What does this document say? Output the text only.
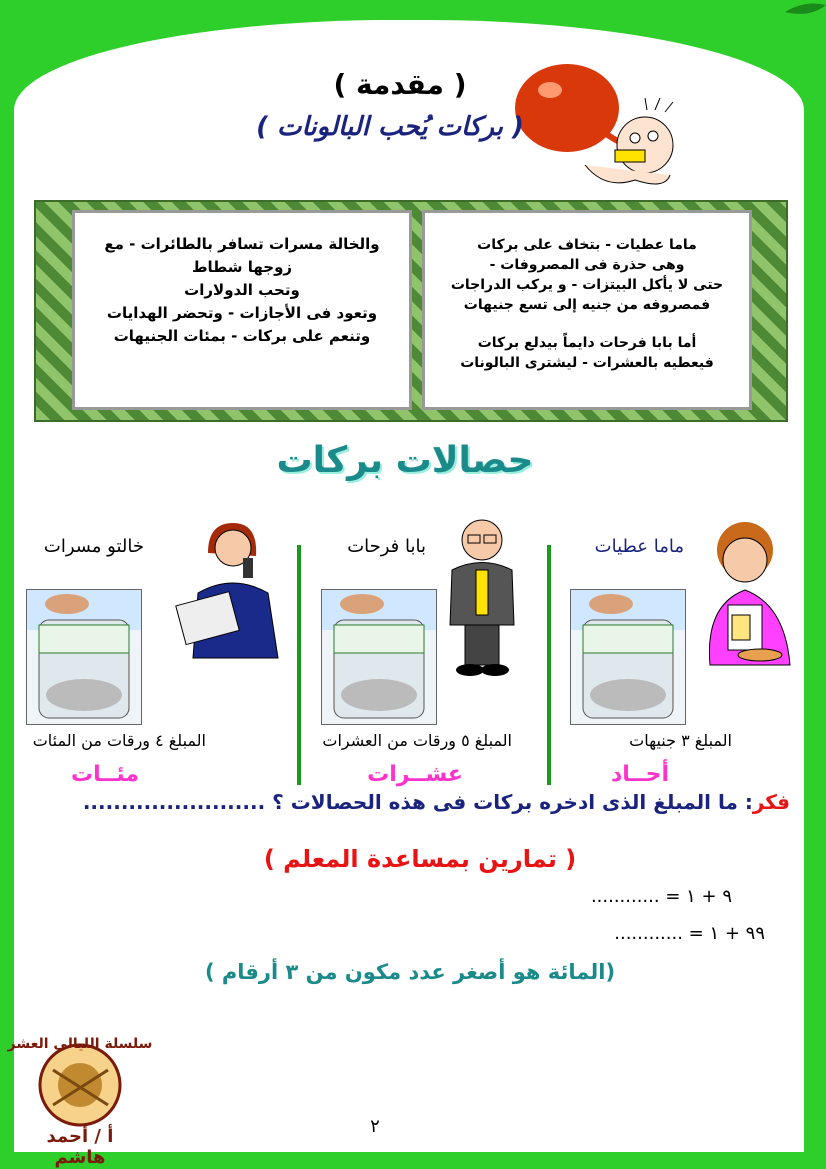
( مقدمة )
( بركات يُحب البالونات )
والخالة مسرات تسافر بالطائرات - مع زوجها شطاط
وتحب الدولارات
وتعود فى الأجازات - وتحضر الهدايات
وتنعم على بركات - بمئات الجنيهات
ماما عطيات - بتخاف على بركات
وهى حذرة فى المصروفات -
حتى لا يأكل البيتزات - و يركب الدراجات
فمصروفه من جنيه إلى تسع جنيهات
أما بابا فرحات دايماً بيدلع بركات
فيعطيه بالعشرات - ليشترى البالونات
حصالات بركات
ماما عطيات
المبلغ ٣ جنيهات
أحــاد
بابا فرحات
المبلغ ٥ ورقات من العشرات
عشــرات
خالتو مسرات
المبلغ ٤ ورقات من المئات
مئــات
فكر: ما المبلغ الذى ادخره بركات فى هذه الحصالات ؟ ........................
( تمارين بمساعدة المعلم )
٩ + ١ = ............
٩٩ + ١ = ............
(المائة هو أصغر عدد مكون من ٣ أرقام )
سلسلة الليالى العشر
أ / أحمد هاشم
٢
